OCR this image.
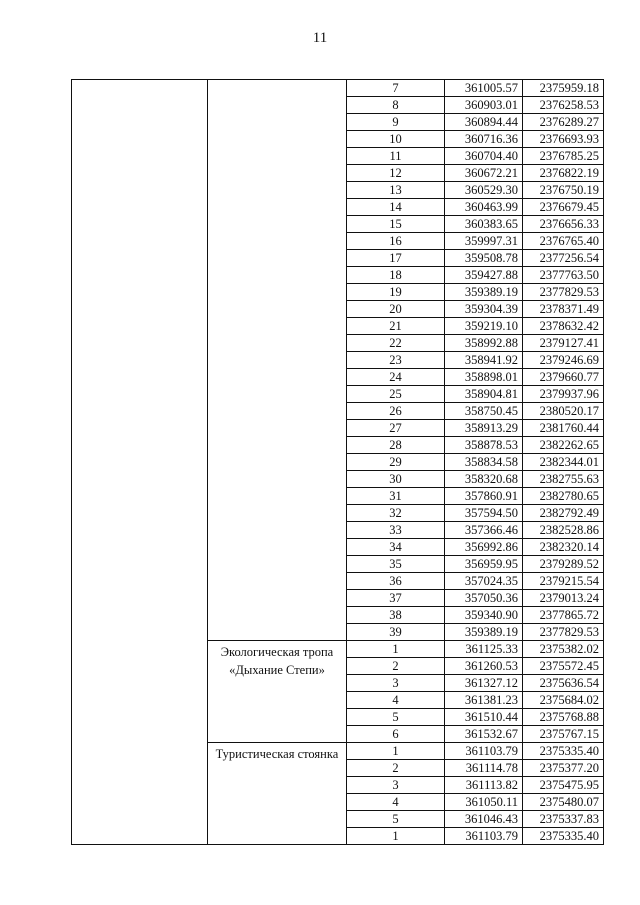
11
		7	361005.57	2375959.18
		8	360903.01	2376258.53
		9	360894.44	2376289.27
		10	360716.36	2376693.93
		11	360704.40	2376785.25
		12	360672.21	2376822.19
		13	360529.30	2376750.19
		14	360463.99	2376679.45
		15	360383.65	2376656.33
		16	359997.31	2376765.40
		17	359508.78	2377256.54
		18	359427.88	2377763.50
		19	359389.19	2377829.53
		20	359304.39	2378371.49
		21	359219.10	2378632.42
		22	358992.88	2379127.41
		23	358941.92	2379246.69
		24	358898.01	2379660.77
		25	358904.81	2379937.96
		26	358750.45	2380520.17
		27	358913.29	2381760.44
		28	358878.53	2382262.65
		29	358834.58	2382344.01
		30	358320.68	2382755.63
		31	357860.91	2382780.65
		32	357594.50	2382792.49
		33	357366.46	2382528.86
		34	356992.86	2382320.14
		35	356959.95	2379289.52
		36	357024.35	2379215.54
		37	357050.36	2379013.24
		38	359340.90	2377865.72
		39	359389.19	2377829.53
	Экологическая тропа «Дыхание Степи»	1	361125.33	2375382.02
		2	361260.53	2375572.45
		3	361327.12	2375636.54
		4	361381.23	2375684.02
		5	361510.44	2375768.88
		6	361532.67	2375767.15
	Туристическая стоянка	1	361103.79	2375335.40
		2	361114.78	2375377.20
		3	361113.82	2375475.95
		4	361050.11	2375480.07
		5	361046.43	2375337.83
		1	361103.79	2375335.40
